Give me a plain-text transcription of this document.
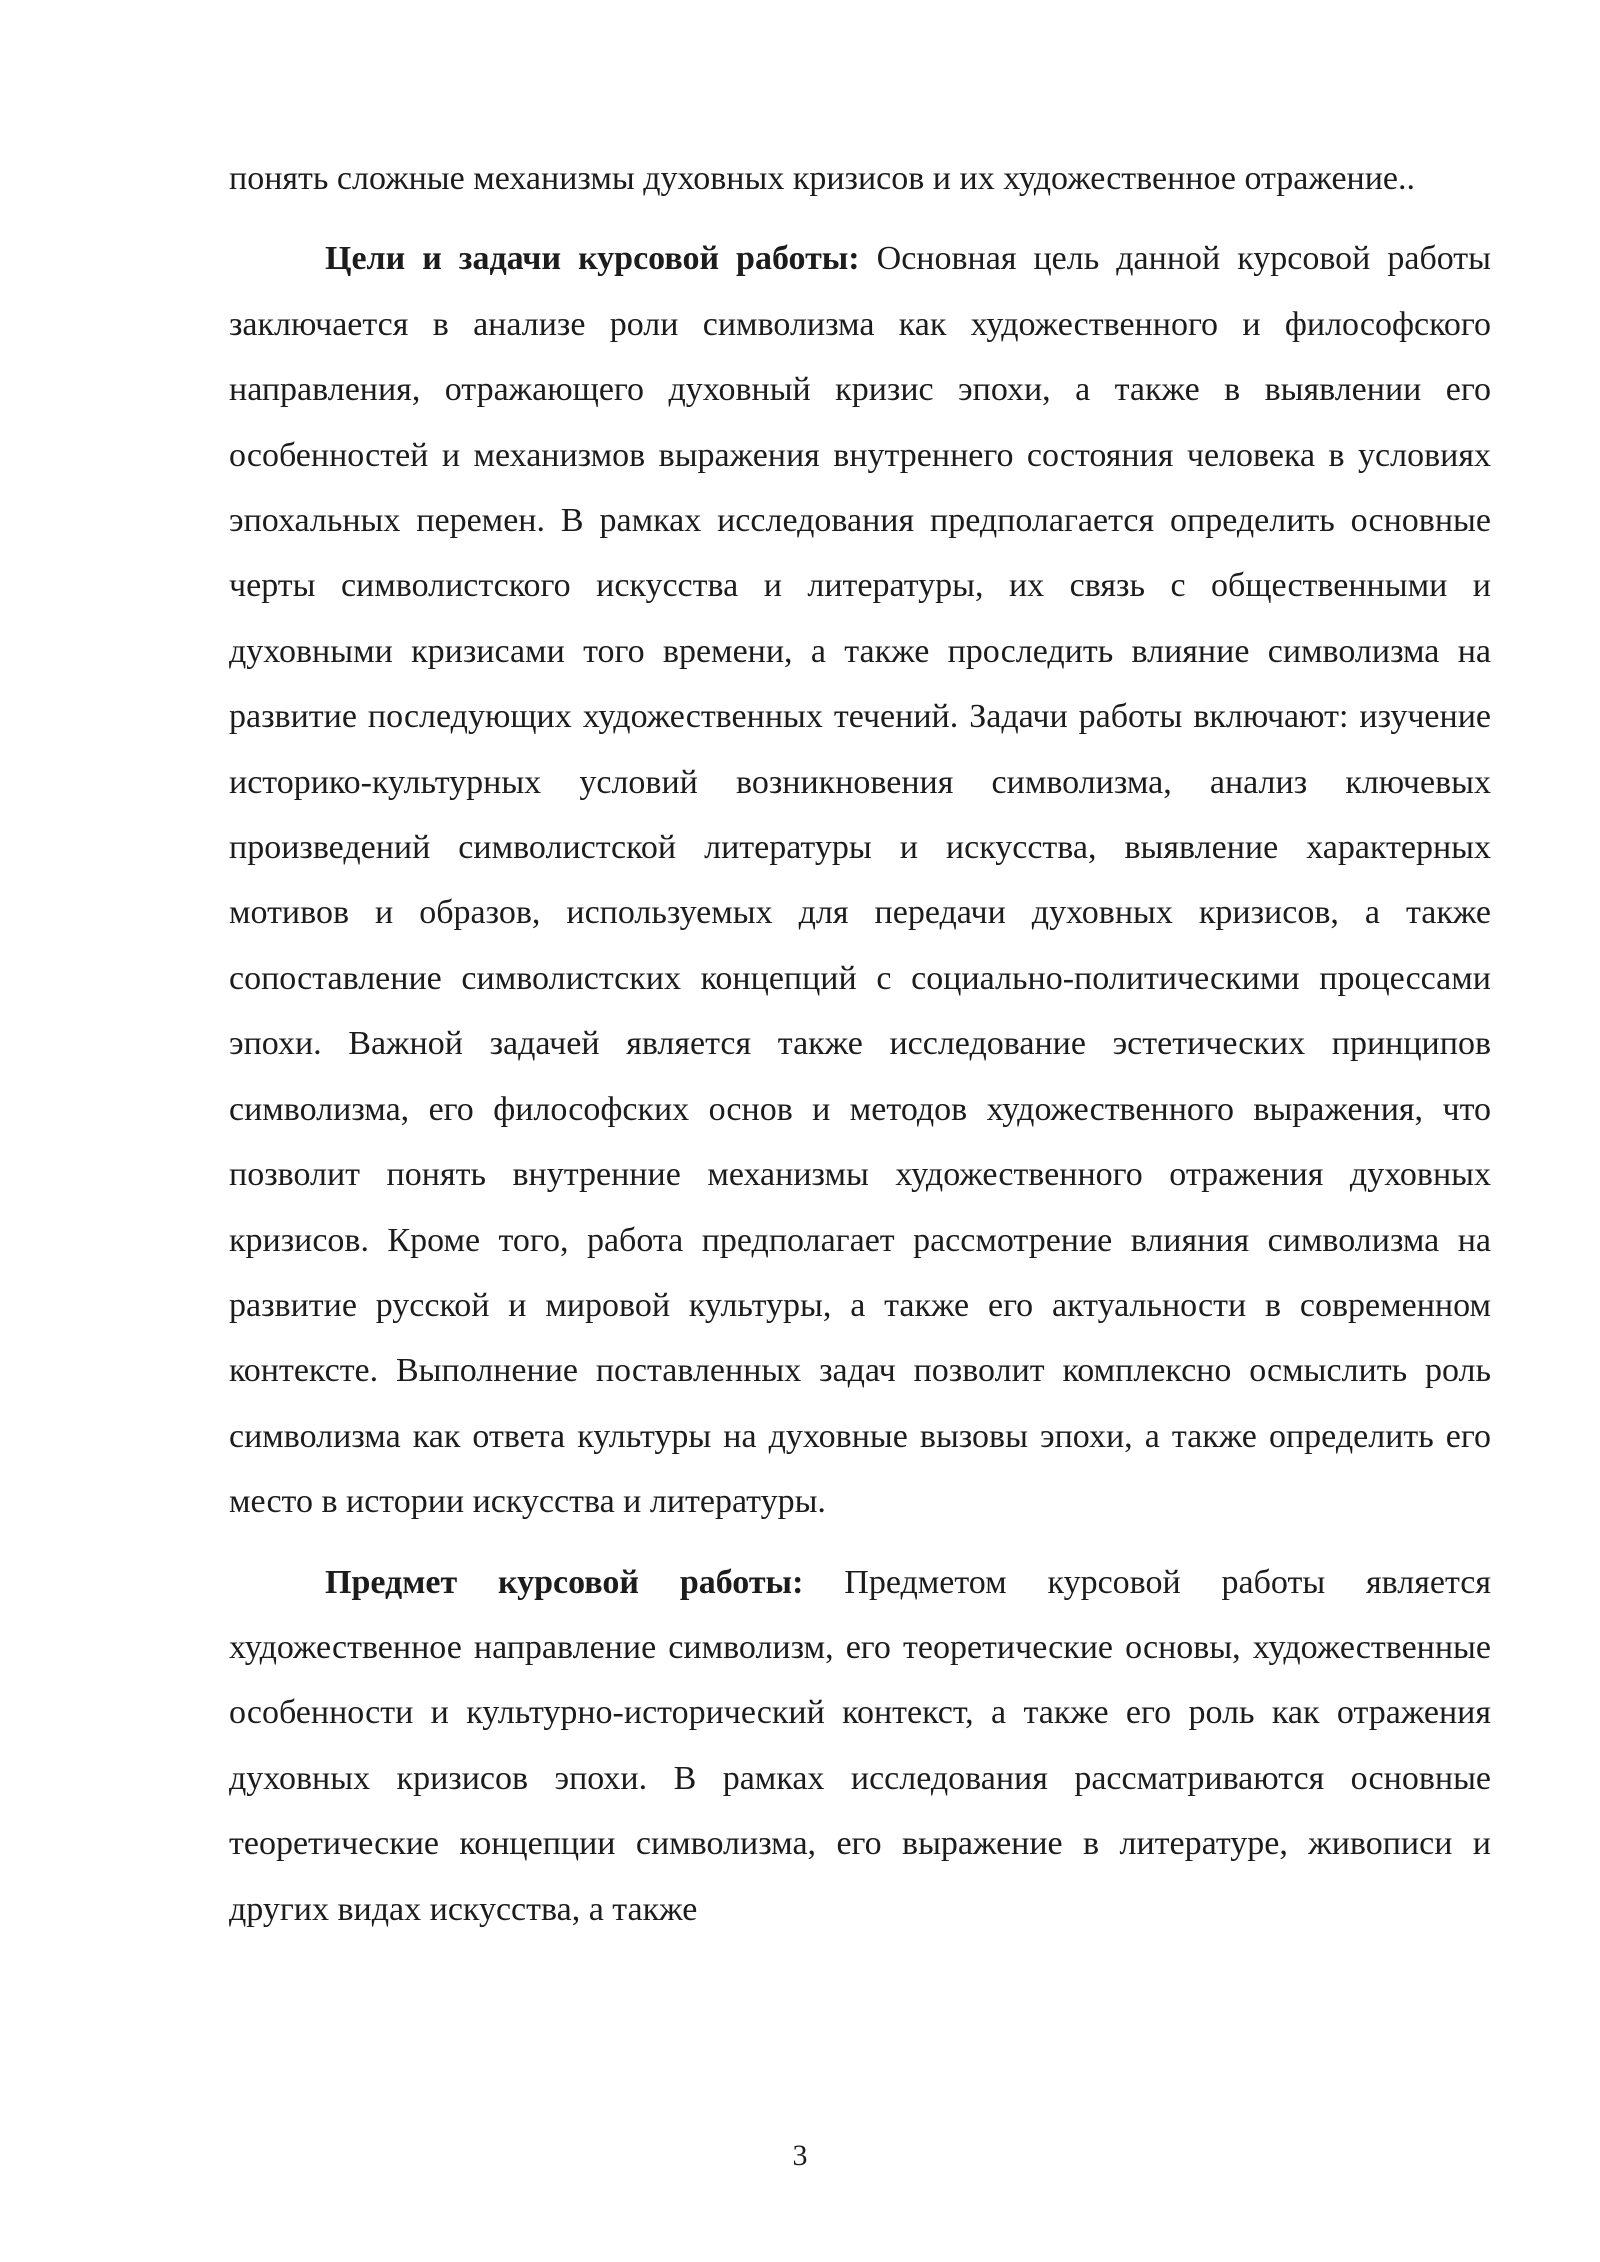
понять сложные механизмы духовных кризисов и их художественное отражение..

Цели и задачи курсовой работы: Основная цель данной курсовой работы заключается в анализе роли символизма как художественного и философского направления, отражающего духовный кризис эпохи, а также в выявлении его особенностей и механизмов выражения внутреннего состояния человека в условиях эпохальных перемен. В рамках исследования предполагается определить основные черты символистского искусства и литературы, их связь с общественными и духовными кризисами того времени, а также проследить влияние символизма на развитие последующих художественных течений. Задачи работы включают: изучение историко-культурных условий возникновения символизма, анализ ключевых произведений символистской литературы и искусства, выявление характерных мотивов и образов, используемых для передачи духовных кризисов, а также сопоставление символистских концепций с социально-политическими процессами эпохи. Важной задачей является также исследование эстетических принципов символизма, его философских основ и методов художественного выражения, что позволит понять внутренние механизмы художественного отражения духовных кризисов. Кроме того, работа предполагает рассмотрение влияния символизма на развитие русской и мировой культуры, а также его актуальности в современном контексте. Выполнение поставленных задач позволит комплексно осмыслить роль символизма как ответа культуры на духовные вызовы эпохи, а также определить его место в истории искусства и литературы.

Предмет курсовой работы: Предметом курсовой работы является художественное направление символизм, его теоретические основы, художественные особенности и культурно-исторический контекст, а также его роль как отражения духовных кризисов эпохи. В рамках исследования рассматриваются основные теоретические концепции символизма, его выражение в литературе, живописи и других видах искусства, а также

3
